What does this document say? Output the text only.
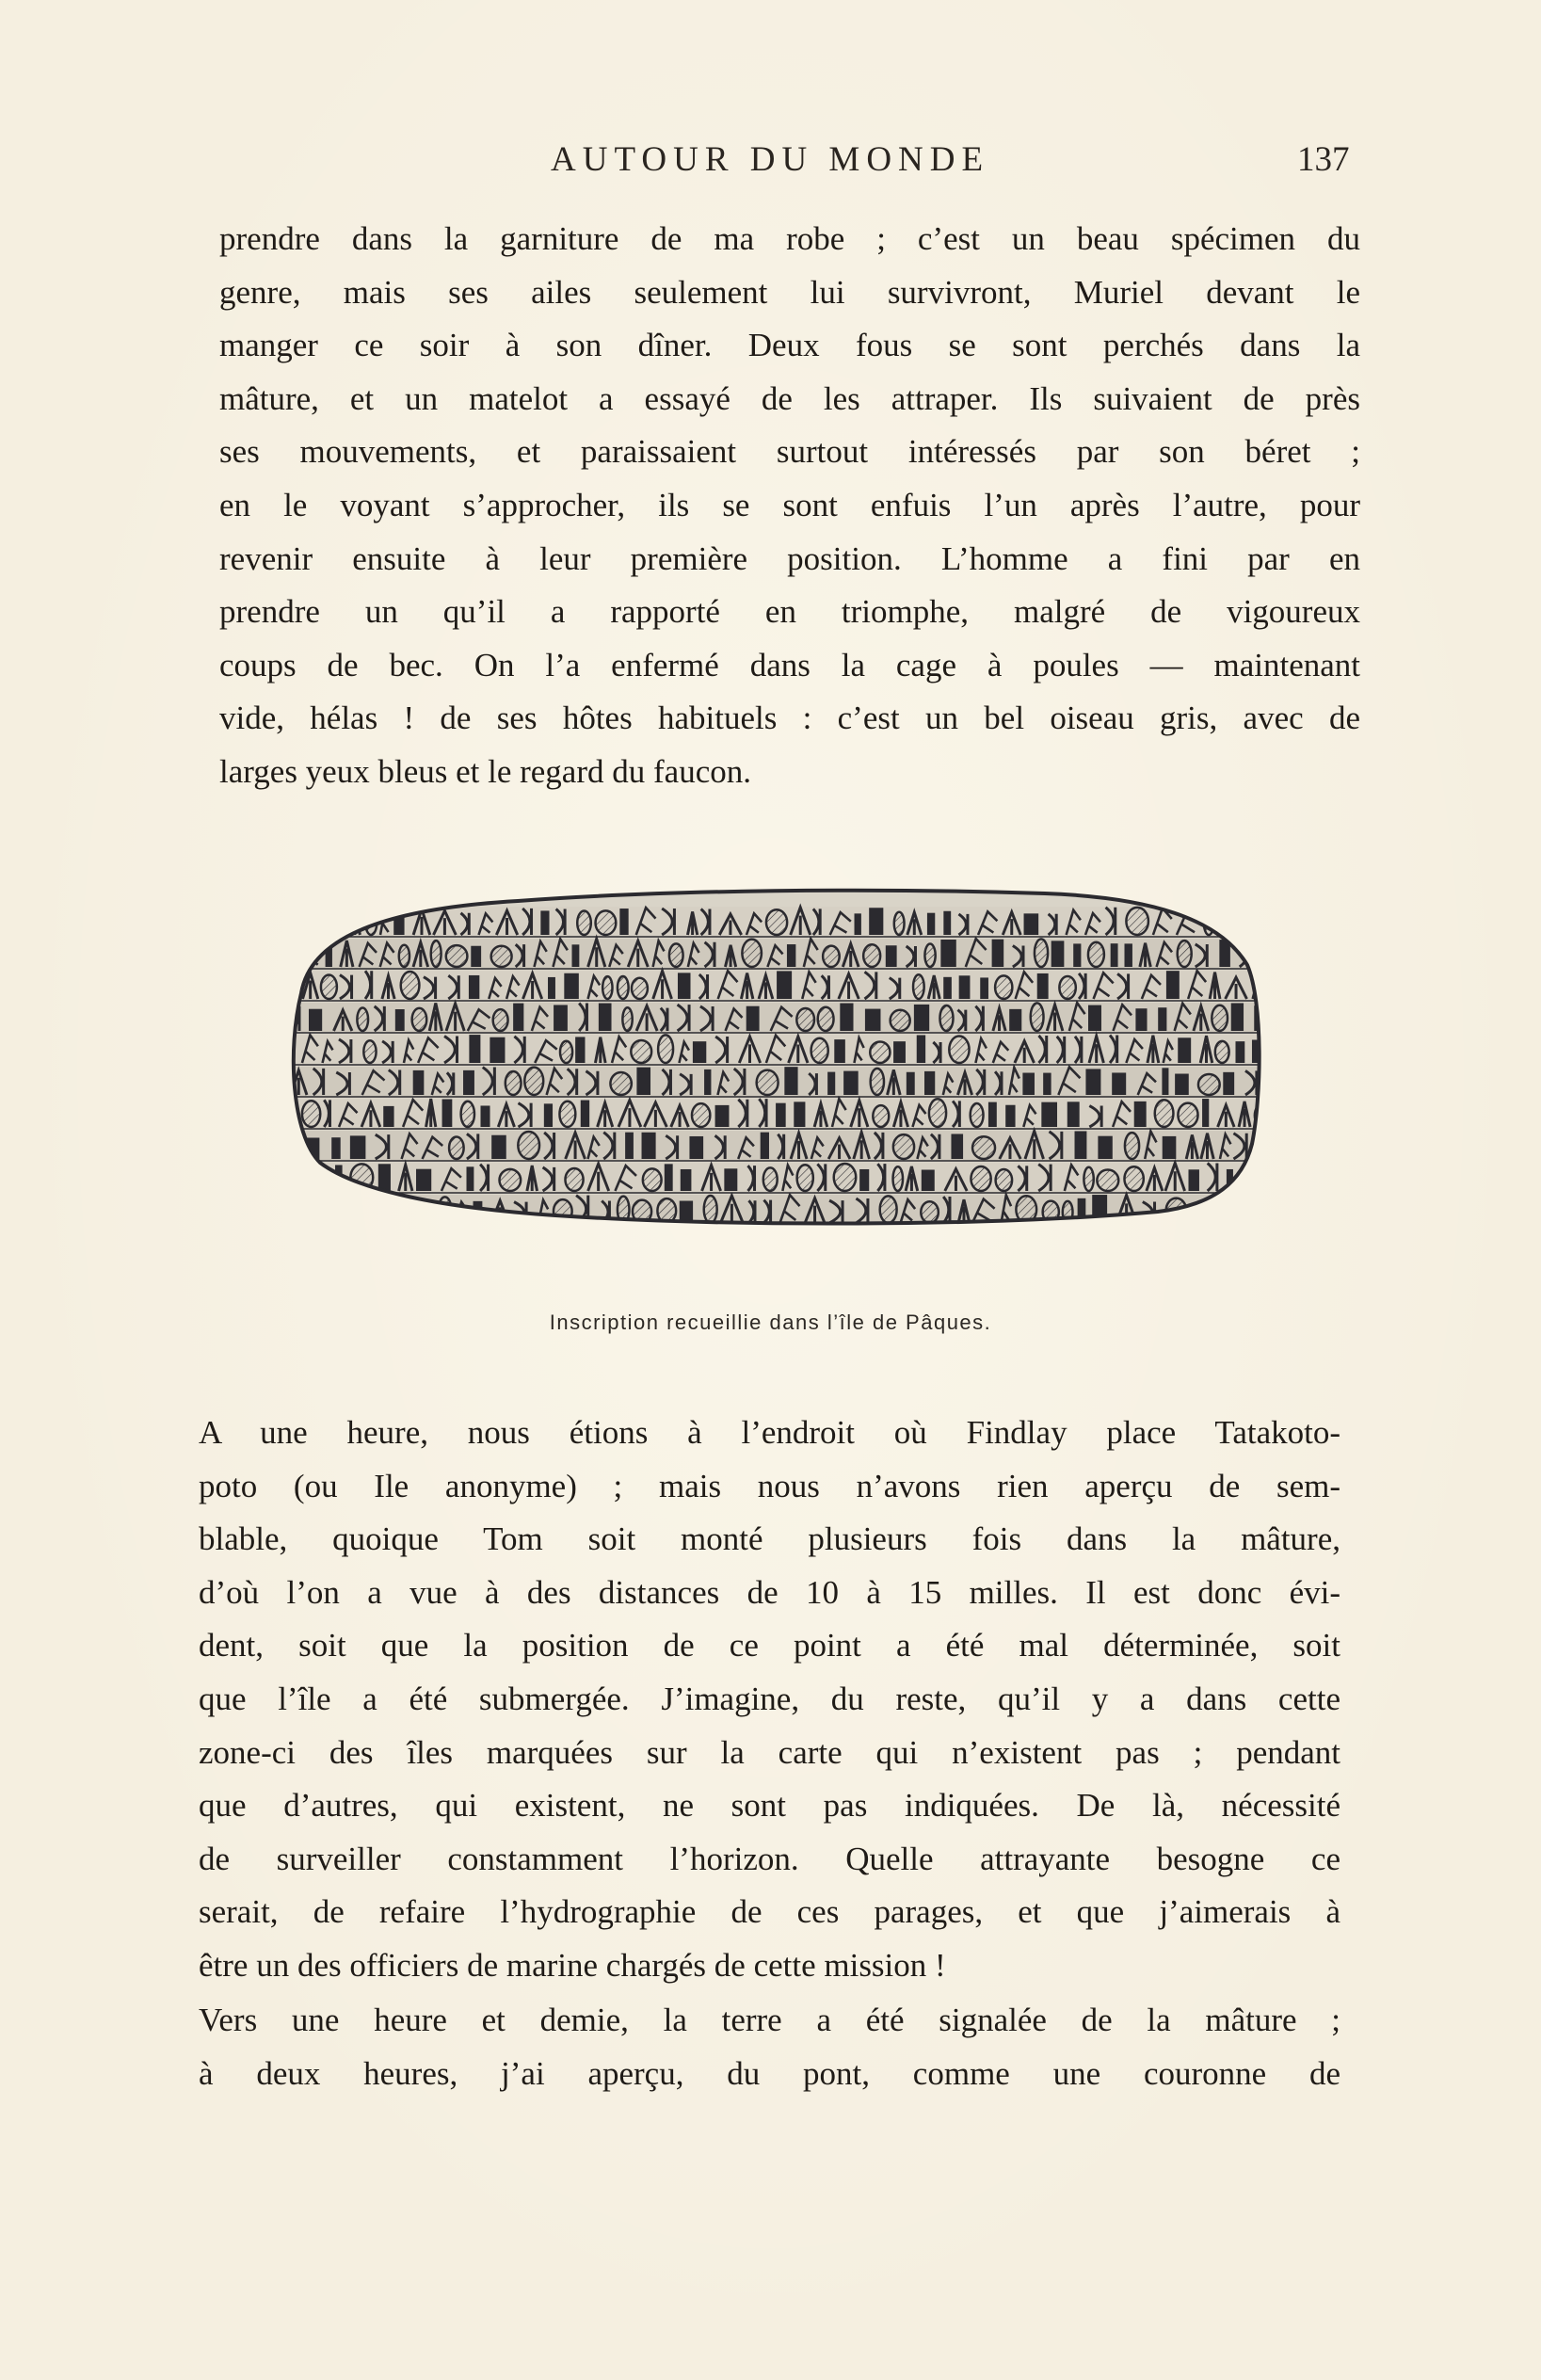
AUTOUR DU MONDE	137
prendre dans la garniture de ma robe ; c’est un beau spécimen du
genre, mais ses ailes seulement lui survivront, Muriel devant le
manger ce soir à son dîner. Deux fous se sont perchés dans la
mâture, et un matelot a essayé de les attraper. Ils suivaient de près
ses mouvements, et paraissaient surtout intéressés par son béret ;
en le voyant s’approcher, ils se sont enfuis l’un après l’autre, pour
revenir ensuite à leur première position. L’homme a fini par en
prendre un qu’il a rapporté en triomphe, malgré de vigoureux
coups de bec. On l’a enfermé dans la cage à poules — maintenant
vide, hélas ! de ses hôtes habituels : c’est un bel oiseau gris, avec de
larges yeux bleus et le regard du faucon.
Inscription recueillie dans l’île de Pâques.
A une heure, nous étions à l’endroit où Findlay place Tatakoto-
poto (ou Ile anonyme) ; mais nous n’avons rien aperçu de sem-
blable, quoique Tom soit monté plusieurs fois dans la mâture,
d’où l’on a vue à des distances de 10 à 15 milles. Il est donc évi-
dent, soit que la position de ce point a été mal déterminée, soit
que l’île a été submergée. J’imagine, du reste, qu’il y a dans cette
zone-ci des îles marquées sur la carte qui n’existent pas ; pendant
que d’autres, qui existent, ne sont pas indiquées. De là, nécessité
de surveiller constamment l’horizon. Quelle attrayante besogne ce
serait, de refaire l’hydrographie de ces parages, et que j’aimerais à
être un des officiers de marine chargés de cette mission !
Vers une heure et demie, la terre a été signalée de la mâture ;
à deux heures, j’ai aperçu, du pont, comme une couronne de
